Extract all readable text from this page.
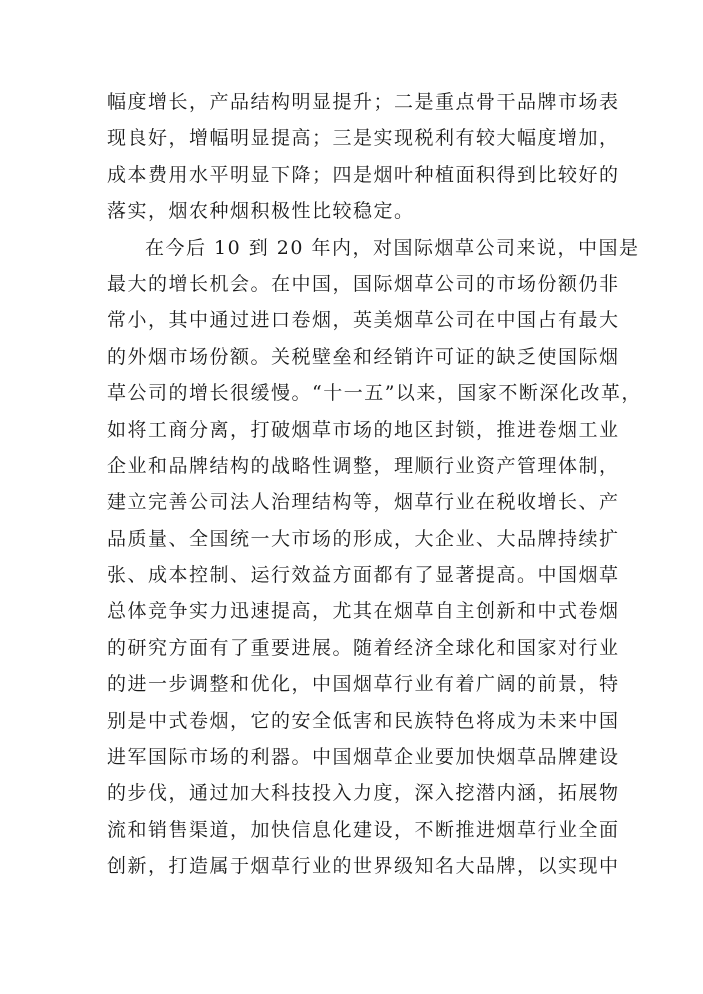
幅度增长，产品结构明显提升；二是重点骨干品牌市场表
现良好，增幅明显提高；三是实现税利有较大幅度增加，
成本费用水平明显下降；四是烟叶种植面积得到比较好的
落实，烟农种烟积极性比较稳定。
在今后 10 到 20 年内，对国际烟草公司来说，中国是
最大的增长机会。在中国，国际烟草公司的市场份额仍非
常小，其中通过进口卷烟，英美烟草公司在中国占有最大
的外烟市场份额。关税壁垒和经销许可证的缺乏使国际烟
草公司的增长很缓慢。“十一五”以来，国家不断深化改革，
如将工商分离，打破烟草市场的地区封锁，推进卷烟工业
企业和品牌结构的战略性调整，理顺行业资产管理体制，
建立完善公司法人治理结构等，烟草行业在税收增长、产
品质量、全国统一大市场的形成，大企业、大品牌持续扩
张、成本控制、运行效益方面都有了显著提高。中国烟草
总体竞争实力迅速提高，尤其在烟草自主创新和中式卷烟
的研究方面有了重要进展。随着经济全球化和国家对行业
的进一步调整和优化，中国烟草行业有着广阔的前景，特
别是中式卷烟，它的安全低害和民族特色将成为未来中国
进军国际市场的利器。中国烟草企业要加快烟草品牌建设
的步伐，通过加大科技投入力度，深入挖潜内涵，拓展物
流和销售渠道，加快信息化建设，不断推进烟草行业全面
创新，打造属于烟草行业的世界级知名大品牌，以实现中
